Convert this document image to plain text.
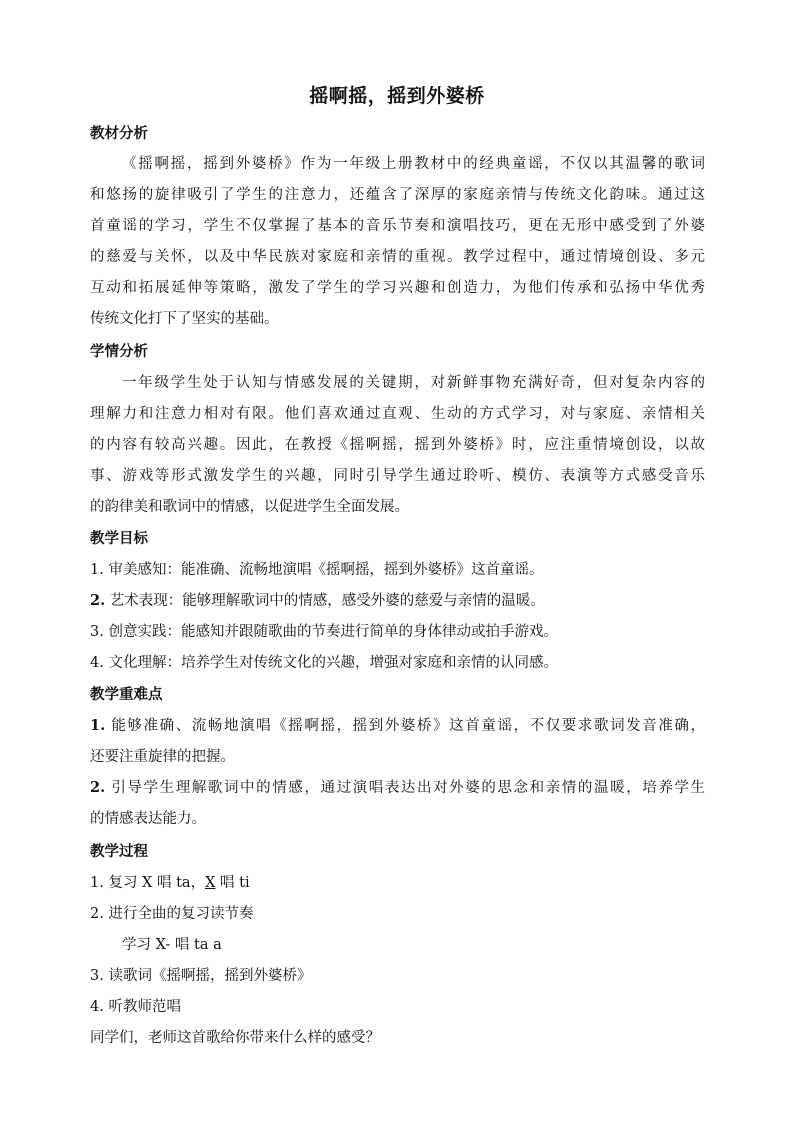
摇啊摇，摇到外婆桥
教材分析
《摇啊摇，摇到外婆桥》作为一年级上册教材中的经典童谣，不仅以其温馨的歌词
和悠扬的旋律吸引了学生的注意力，还蕴含了深厚的家庭亲情与传统文化韵味。通过这
首童谣的学习，学生不仅掌握了基本的音乐节奏和演唱技巧，更在无形中感受到了外婆
的慈爱与关怀，以及中华民族对家庭和亲情的重视。教学过程中，通过情境创设、多元
互动和拓展延伸等策略，激发了学生的学习兴趣和创造力，为他们传承和弘扬中华优秀
传统文化打下了坚实的基础。
学情分析
一年级学生处于认知与情感发展的关键期，对新鲜事物充满好奇，但对复杂内容的
理解力和注意力相对有限。他们喜欢通过直观、生动的方式学习，对与家庭、亲情相关
的内容有较高兴趣。因此，在教授《摇啊摇，摇到外婆桥》时，应注重情境创设，以故
事、游戏等形式激发学生的兴趣，同时引导学生通过聆听、模仿、表演等方式感受音乐
的韵律美和歌词中的情感，以促进学生全面发展。
教学目标
1. 审美感知：能准确、流畅地演唱《摇啊摇，摇到外婆桥》这首童谣。
2. 艺术表现：能够理解歌词中的情感，感受外婆的慈爱与亲情的温暖。
3. 创意实践：能感知并跟随歌曲的节奏进行简单的身体律动或拍手游戏。
4. 文化理解：培养学生对传统文化的兴趣，增强对家庭和亲情的认同感。
教学重难点
1. 能够准确、流畅地演唱《摇啊摇，摇到外婆桥》这首童谣，不仅要求歌词发音准确，
还要注重旋律的把握。
2. 引导学生理解歌词中的情感，通过演唱表达出对外婆的思念和亲情的温暖，培养学生
的情感表达能力。
教学过程
1. 复习 X 唱 ta，X 唱 ti
2. 进行全曲的复习读节奏
学习 X- 唱 ta a
3. 读歌词《摇啊摇，摇到外婆桥》
4. 听教师范唱
同学们，老师这首歌给你带来什么样的感受？
